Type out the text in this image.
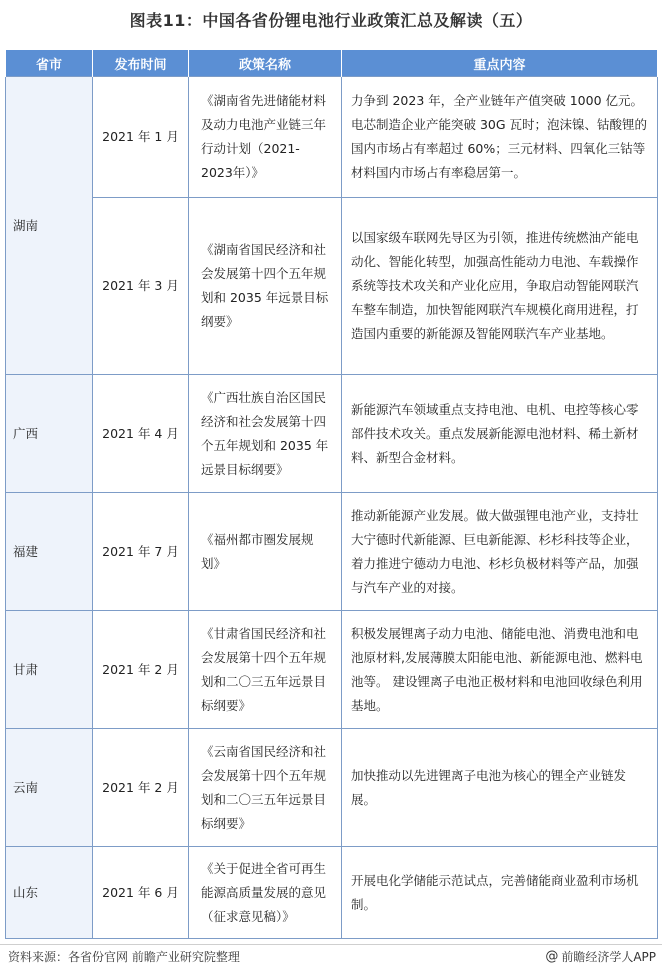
图表11：中国各省份锂电池行业政策汇总及解读（五）
省市	发布时间	政策名称	重点内容
湖南	2021 年 1 月	《湖南省先进储能材料及动力电池产业链三年行动计划（2021-2023年）》	力争到 2023 年，全产业链年产值突破 1000 亿元。电芯制造企业产能突破 30G 瓦时；泡沫镍、钴酸锂的国内市场占有率超过 60%；三元材料、四氧化三钴等材料国内市场占有率稳居第一。
	2021 年 3 月	《湖南省国民经济和社会发展第十四个五年规划和 2035 年远景目标纲要》	以国家级车联网先导区为引领，推进传统燃油产能电动化、智能化转型，加强高性能动力电池、车载操作系统等技术攻关和产业化应用，争取启动智能网联汽车整车制造，加快智能网联汽车规模化商用进程，打造国内重要的新能源及智能网联汽车产业基地。
广西	2021 年 4 月	《广西壮族自治区国民经济和社会发展第十四个五年规划和 2035 年远景目标纲要》	新能源汽车领域重点支持电池、电机、电控等核心零部件技术攻关。重点发展新能源电池材料、稀土新材料、新型合金材料。
福建	2021 年 7 月	《福州都市圈发展规划》	推动新能源产业发展。做大做强锂电池产业，支持壮大宁德时代新能源、巨电新能源、杉杉科技等企业，着力推进宁德动力电池、杉杉负极材料等产品，加强与汽车产业的对接。
甘肃	2021 年 2 月	《甘肃省国民经济和社会发展第十四个五年规划和二〇三五年远景目标纲要》	积极发展锂离子动力电池、储能电池、消费电池和电池原材料,发展薄膜太阳能电池、新能源电池、燃料电池等。 建设锂离子电池正极材料和电池回收绿色利用基地。
云南	2021 年 2 月	《云南省国民经济和社会发展第十四个五年规划和二〇三五年远景目标纲要》	加快推动以先进锂离子电池为核心的锂全产业链发展。
山东	2021 年 6 月	《关于促进全省可再生能源高质量发展的意见（征求意见稿）》	开展电化学储能示范试点，完善储能商业盈利市场机制。
资料来源：各省份官网 前瞻产业研究院整理	@ 前瞻经济学人APP
